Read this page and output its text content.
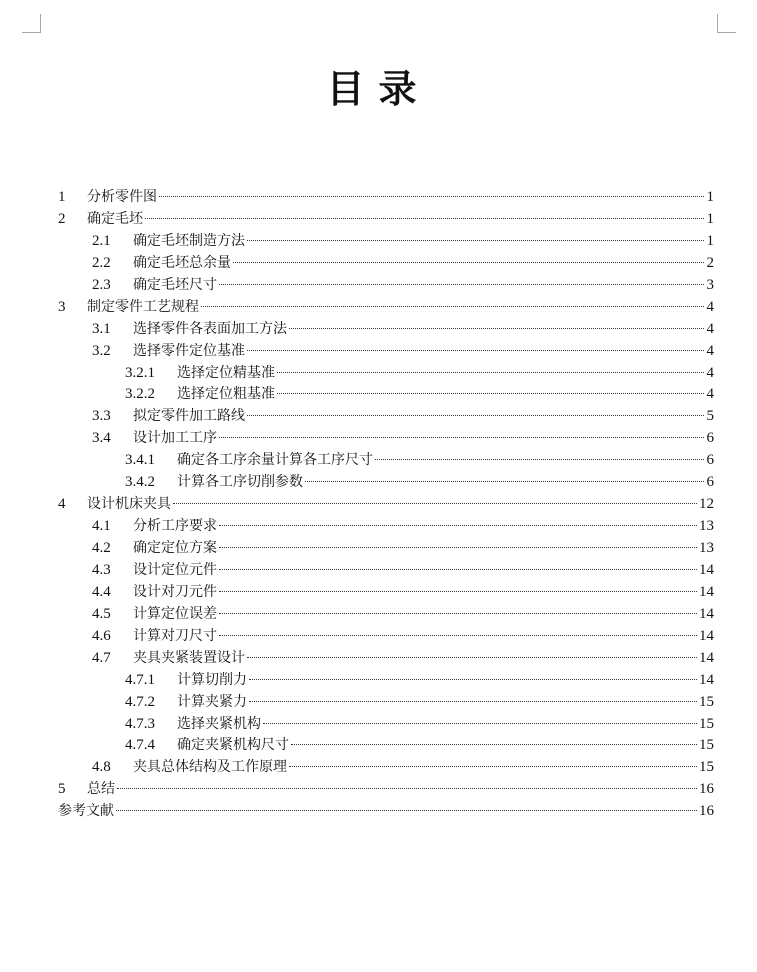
目录
1	分析零件图	1
2	确定毛坯	1
2.1	确定毛坯制造方法	1
2.2	确定毛坯总余量	2
2.3	确定毛坯尺寸	3
3	制定零件工艺规程	4
3.1	选择零件各表面加工方法	4
3.2	选择零件定位基准	4
3.2.1	选择定位精基准	4
3.2.2	选择定位粗基准	4
3.3	拟定零件加工路线	5
3.4	设计加工工序	6
3.4.1	确定各工序余量计算各工序尺寸	6
3.4.2	计算各工序切削参数	6
4	设计机床夹具	12
4.1	分析工序要求	13
4.2	确定定位方案	13
4.3	设计定位元件	14
4.4	设计对刀元件	14
4.5	计算定位误差	14
4.6	计算对刀尺寸	14
4.7	夹具夹紧装置设计	14
4.7.1	计算切削力	14
4.7.2	计算夹紧力	15
4.7.3	选择夹紧机构	15
4.7.4	确定夹紧机构尺寸	15
4.8	夹具总体结构及工作原理	15
5	总结	16
参考文献	16
